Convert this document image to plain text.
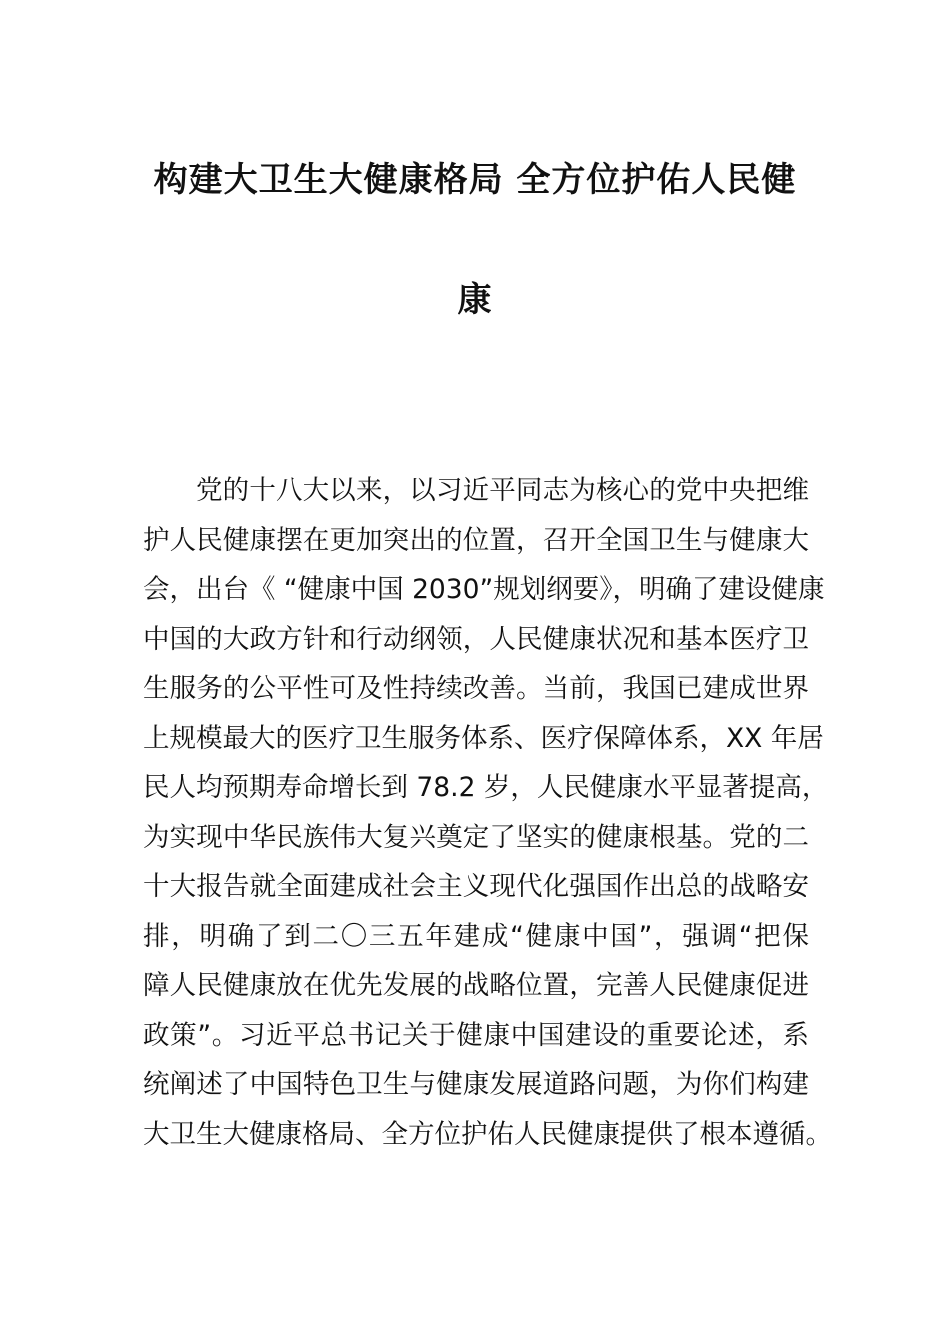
构建大卫生大健康格局 全方位护佑人民健
康
党的十八大以来，以习近平同志为核心的党中央把维
护人民健康摆在更加突出的位置，召开全国卫生与健康大
会，出台《 “健康中国 2030”规划纲要》，明确了建设健康
中国的大政方针和行动纲领，人民健康状况和基本医疗卫
生服务的公平性可及性持续改善。当前，我国已建成世界
上规模最大的医疗卫生服务体系、医疗保障体系，XX 年居
民人均预期寿命增长到 78.2 岁，人民健康水平显著提高，
为实现中华民族伟大复兴奠定了坚实的健康根基。党的二
十大报告就全面建成社会主义现代化强国作出总的战略安
排，明确了到二〇三五年建成“健康中国”，强调“把保
障人民健康放在优先发展的战略位置，完善人民健康促进
政策”。习近平总书记关于健康中国建设的重要论述，系
统阐述了中国特色卫生与健康发展道路问题，为你们构建
大卫生大健康格局、全方位护佑人民健康提供了根本遵循。
